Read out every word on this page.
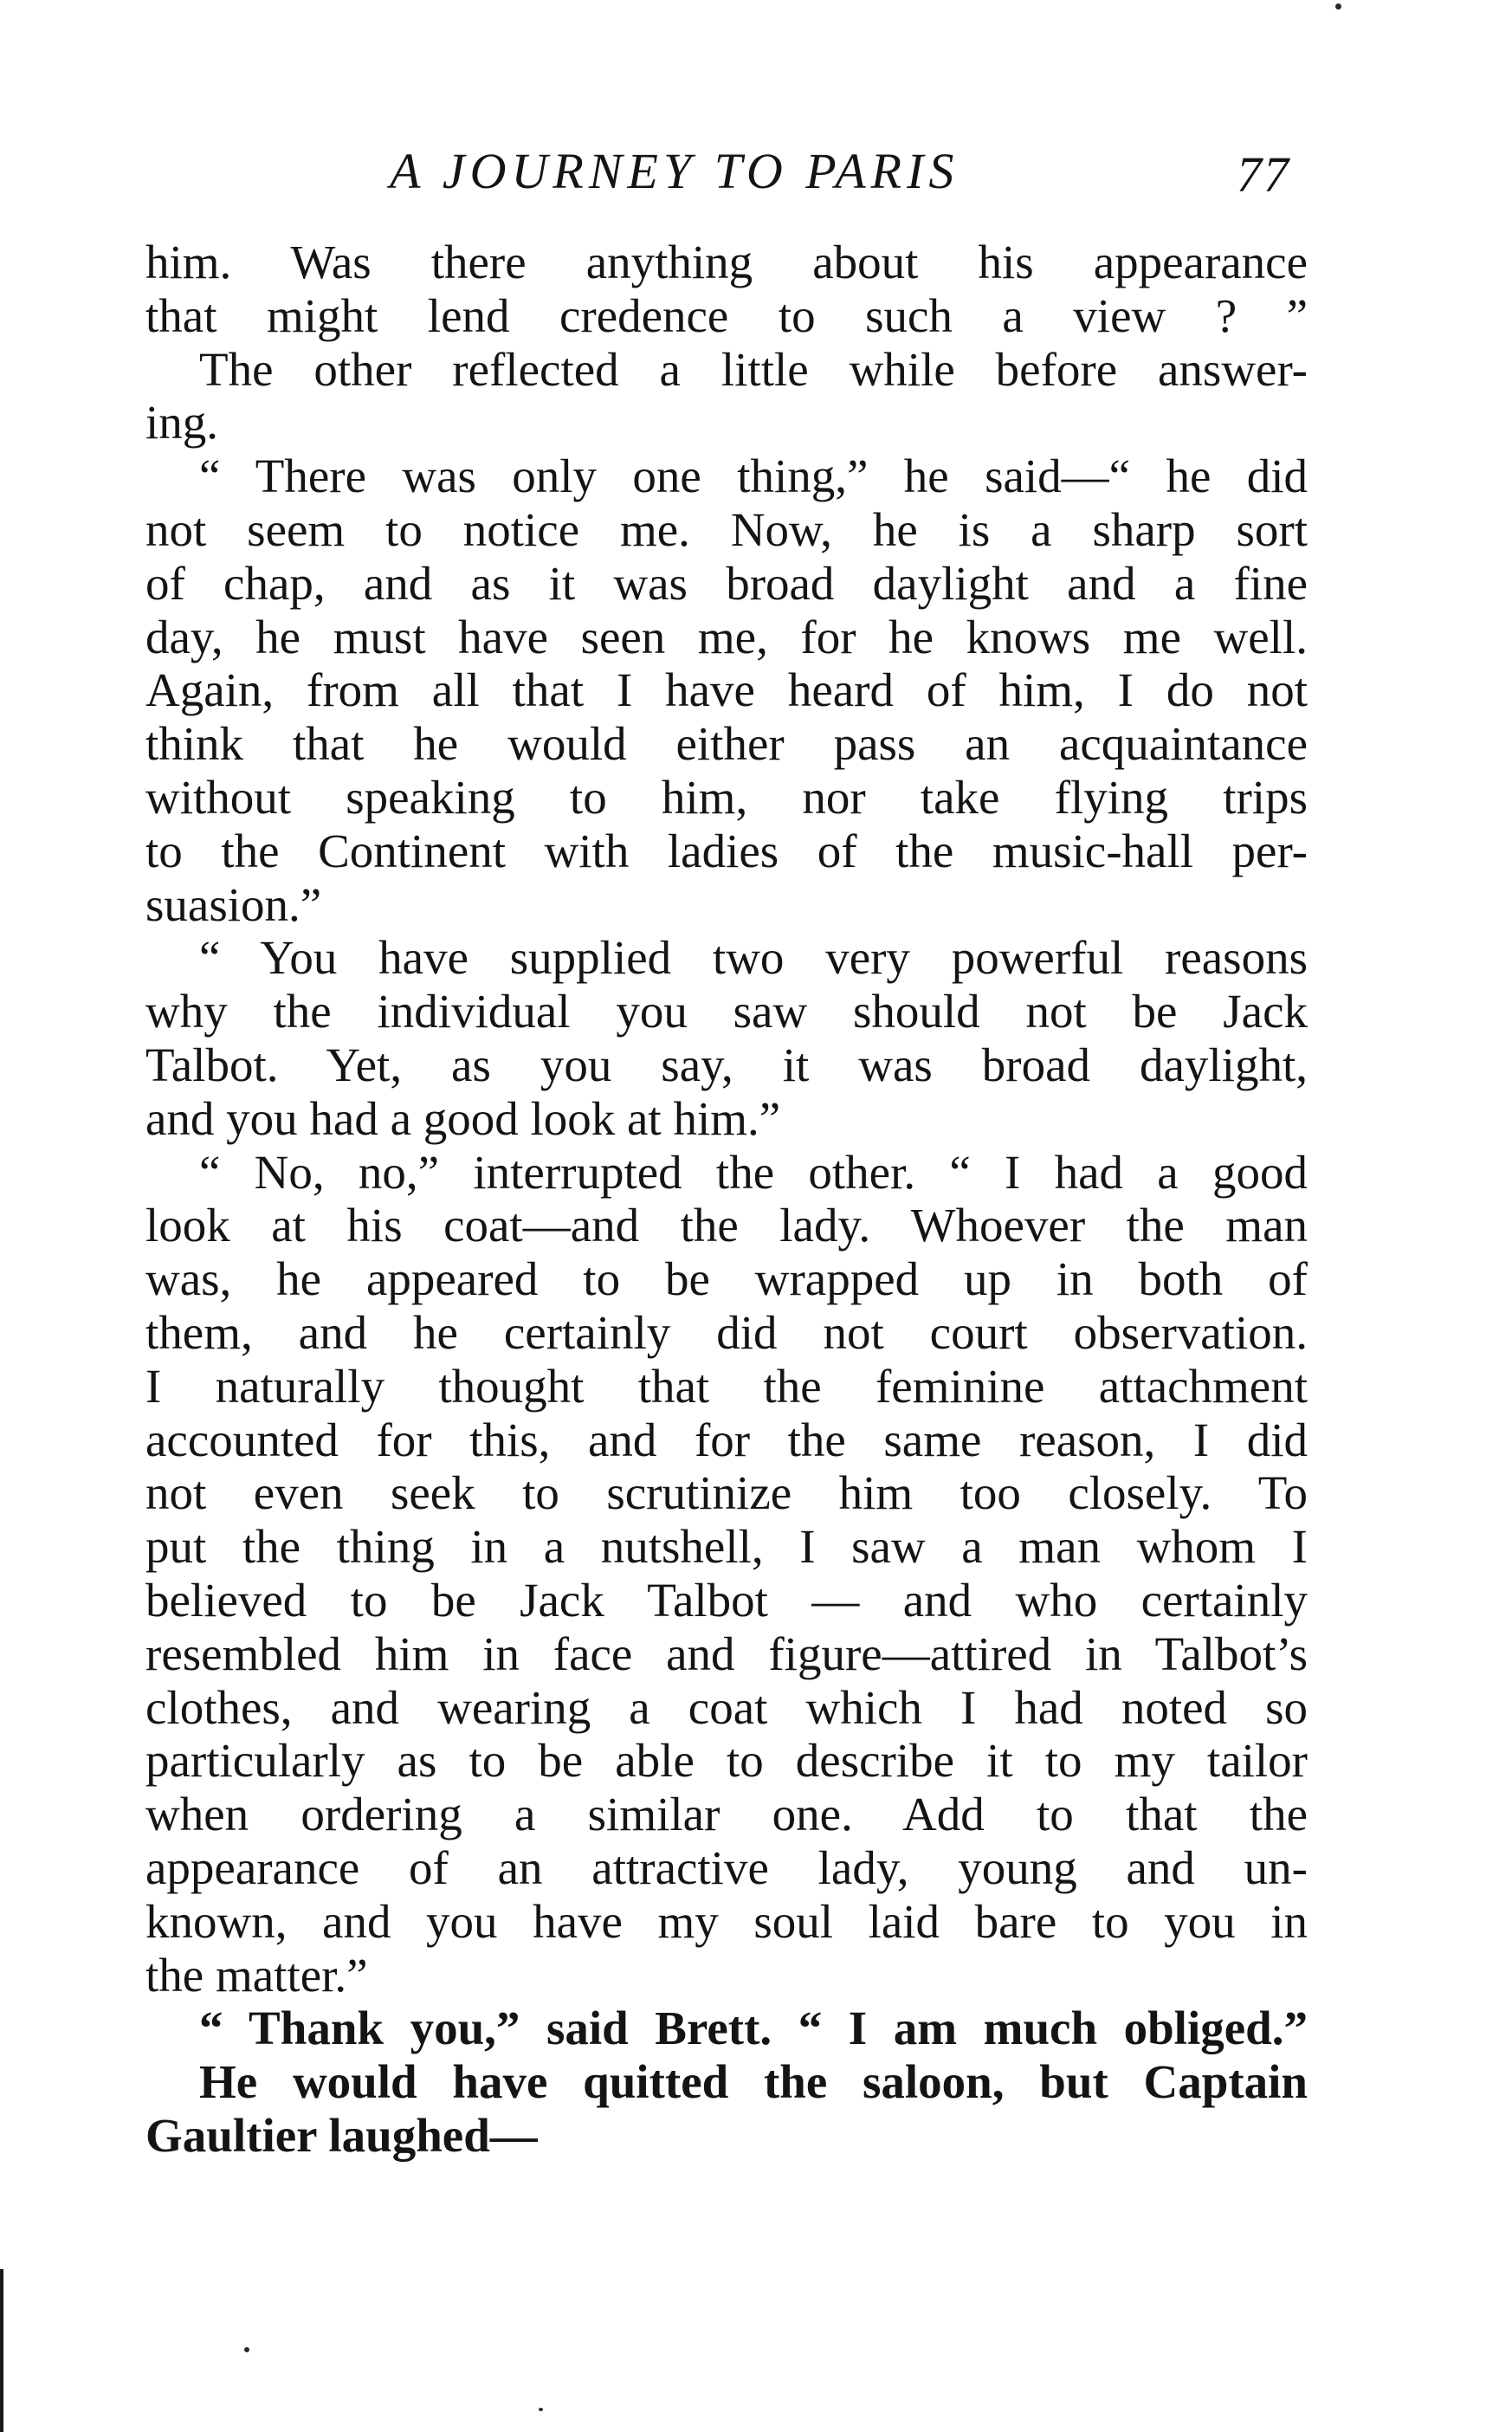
A JOURNEY TO PARIS	77
him. Was there anything about his appearance
that might lend credence to such a view ? ”
The other reflected a little while before answer-
ing.
“ There was only one thing,” he said—“ he did
not seem to notice me. Now, he is a sharp sort
of chap, and as it was broad daylight and a fine
day, he must have seen me, for he knows me well.
Again, from all that I have heard of him, I do not
think that he would either pass an acquaintance
without speaking to him, nor take flying trips
to the Continent with ladies of the music-hall per-
suasion.”
“ You have supplied two very powerful reasons
why the individual you saw should not be Jack
Talbot. Yet, as you say, it was broad daylight,
and you had a good look at him.”
“ No, no,” interrupted the other. “ I had a good
look at his coat—and the lady. Whoever the man
was, he appeared to be wrapped up in both of
them, and he certainly did not court observation.
I naturally thought that the feminine attachment
accounted for this, and for the same reason, I did
not even seek to scrutinize him too closely. To
put the thing in a nutshell, I saw a man whom I
believed to be Jack Talbot — and who certainly
resembled him in face and figure—attired in Talbot’s
clothes, and wearing a coat which I had noted so
particularly as to be able to describe it to my tailor
when ordering a similar one. Add to that the
appearance of an attractive lady, young and un-
known, and you have my soul laid bare to you in
the matter.”
“ Thank you,” said Brett. “ I am much obliged.”
He would have quitted the saloon, but Captain
Gaultier laughed—
